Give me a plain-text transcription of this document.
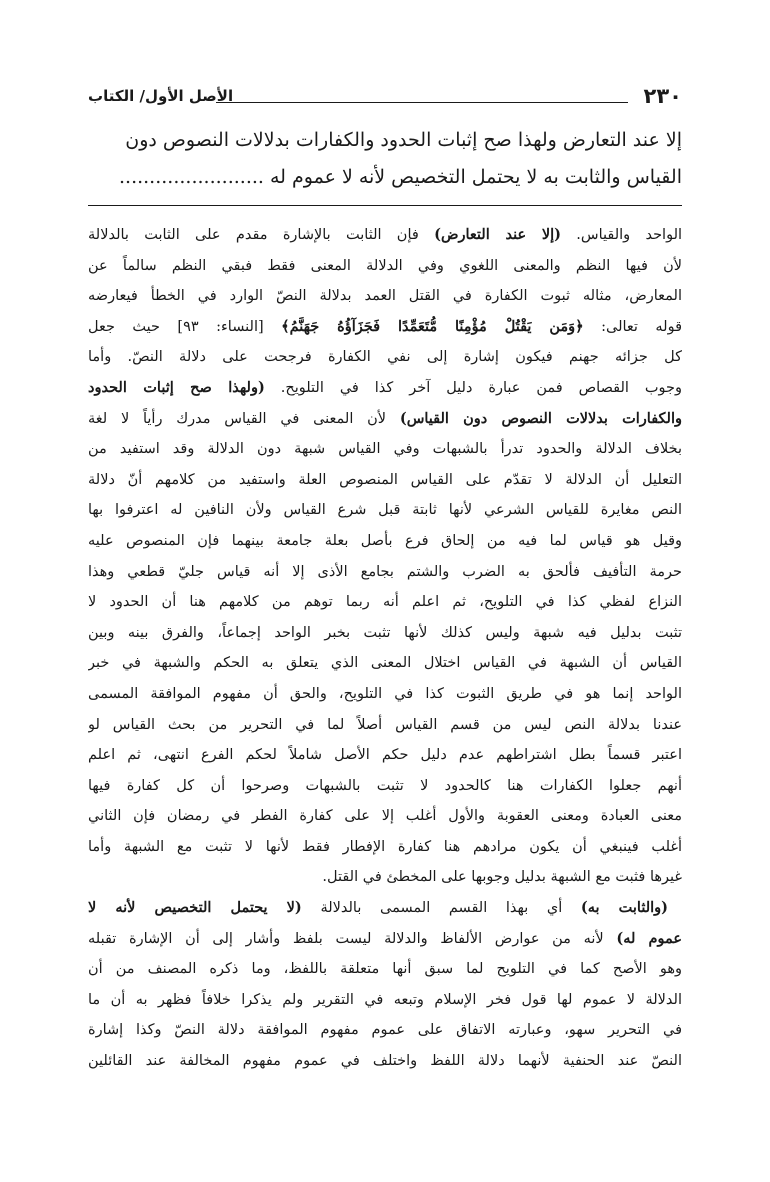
٢٣٠
الأصل الأول/ الكتاب
إلا عند التعارض ولهذا صح إثبات الحدود والكفارات بدلالات النصوص دون
القياس والثابت به لا يحتمل التخصيص لأنه لا عموم له ........................
الواحد والقياس. (إلا عند التعارض) فإن الثابت بالإشارة مقدم على الثابت بالدلالة
لأن فيها النظم والمعنى اللغوي وفي الدلالة المعنى فقط فبقي النظم سالماً عن
المعارض، مثاله ثبوت الكفارة في القتل العمد بدلالة النصّ الوارد في الخطأ فيعارضه
قوله تعالى: ﴿وَمَن يَقْتُلْ مُؤْمِنًا مُّتَعَمِّدًا فَجَزَآؤُهُ جَهَنَّمُ﴾ [النساء: ٩٣] حيث جعل
كل جزائه جهنم فيكون إشارة إلى نفي الكفارة فرجحت على دلالة النصّ. وأما
وجوب القصاص فمن عبارة دليل آخر كذا في التلويح. (ولهذا صح إثبات الحدود
والكفارات بدلالات النصوص دون القياس) لأن المعنى في القياس مدرك رأياً لا لغة
بخلاف الدلالة والحدود تدرأ بالشبهات وفي القياس شبهة دون الدلالة وقد استفيد من
التعليل أن الدلالة لا تقدّم على القياس المنصوص العلة واستفيد من كلامهم أنّ دلالة
النص مغايرة للقياس الشرعي لأنها ثابتة قبل شرع القياس ولأن النافين له اعترفوا بها
وقيل هو قياس لما فيه من إلحاق فرع بأصل بعلة جامعة بينهما فإن المنصوص عليه
حرمة التأفيف فألحق به الضرب والشتم بجامع الأذى إلا أنه قياس جليّ قطعي وهذا
النزاع لفظي كذا في التلويح، ثم اعلم أنه ربما توهم من كلامهم هنا أن الحدود لا
تثبت بدليل فيه شبهة وليس كذلك لأنها تثبت بخبر الواحد إجماعاً، والفرق بينه وبين
القياس أن الشبهة في القياس اختلال المعنى الذي يتعلق به الحكم والشبهة في خبر
الواحد إنما هو في طريق الثبوت كذا في التلويح، والحق أن مفهوم الموافقة المسمى
عندنا بدلالة النص ليس من قسم القياس أصلاً لما في التحرير من بحث القياس لو
اعتبر قسماً بطل اشتراطهم عدم دليل حكم الأصل شاملاً لحكم الفرع انتهى، ثم اعلم
أنهم جعلوا الكفارات هنا كالحدود لا تثبت بالشبهات وصرحوا أن كل كفارة فيها
معنى العبادة ومعنى العقوبة والأول أغلب إلا على كفارة الفطر في رمضان فإن الثاني
أغلب فينبغي أن يكون مرادهم هنا كفارة الإفطار فقط لأنها لا تثبت مع الشبهة وأما
غيرها فثبت مع الشبهة بدليل وجوبها على المخطئ في القتل.
(والثابت به) أي بهذا القسم المسمى بالدلالة (لا يحتمل التخصيص لأنه لا
عموم له) لأنه من عوارض الألفاظ والدلالة ليست بلفظ وأشار إلى أن الإشارة تقبله
وهو الأصح كما في التلويح لما سبق أنها متعلقة باللفظ، وما ذكره المصنف من أن
الدلالة لا عموم لها قول فخر الإسلام وتبعه في التقرير ولم يذكرا خلافاً فظهر به أن ما
في التحرير سهو، وعبارته الاتفاق على عموم مفهوم الموافقة دلالة النصّ وكذا إشارة
النصّ عند الحنفية لأنهما دلالة اللفظ واختلف في عموم مفهوم المخالفة عند القائلين
